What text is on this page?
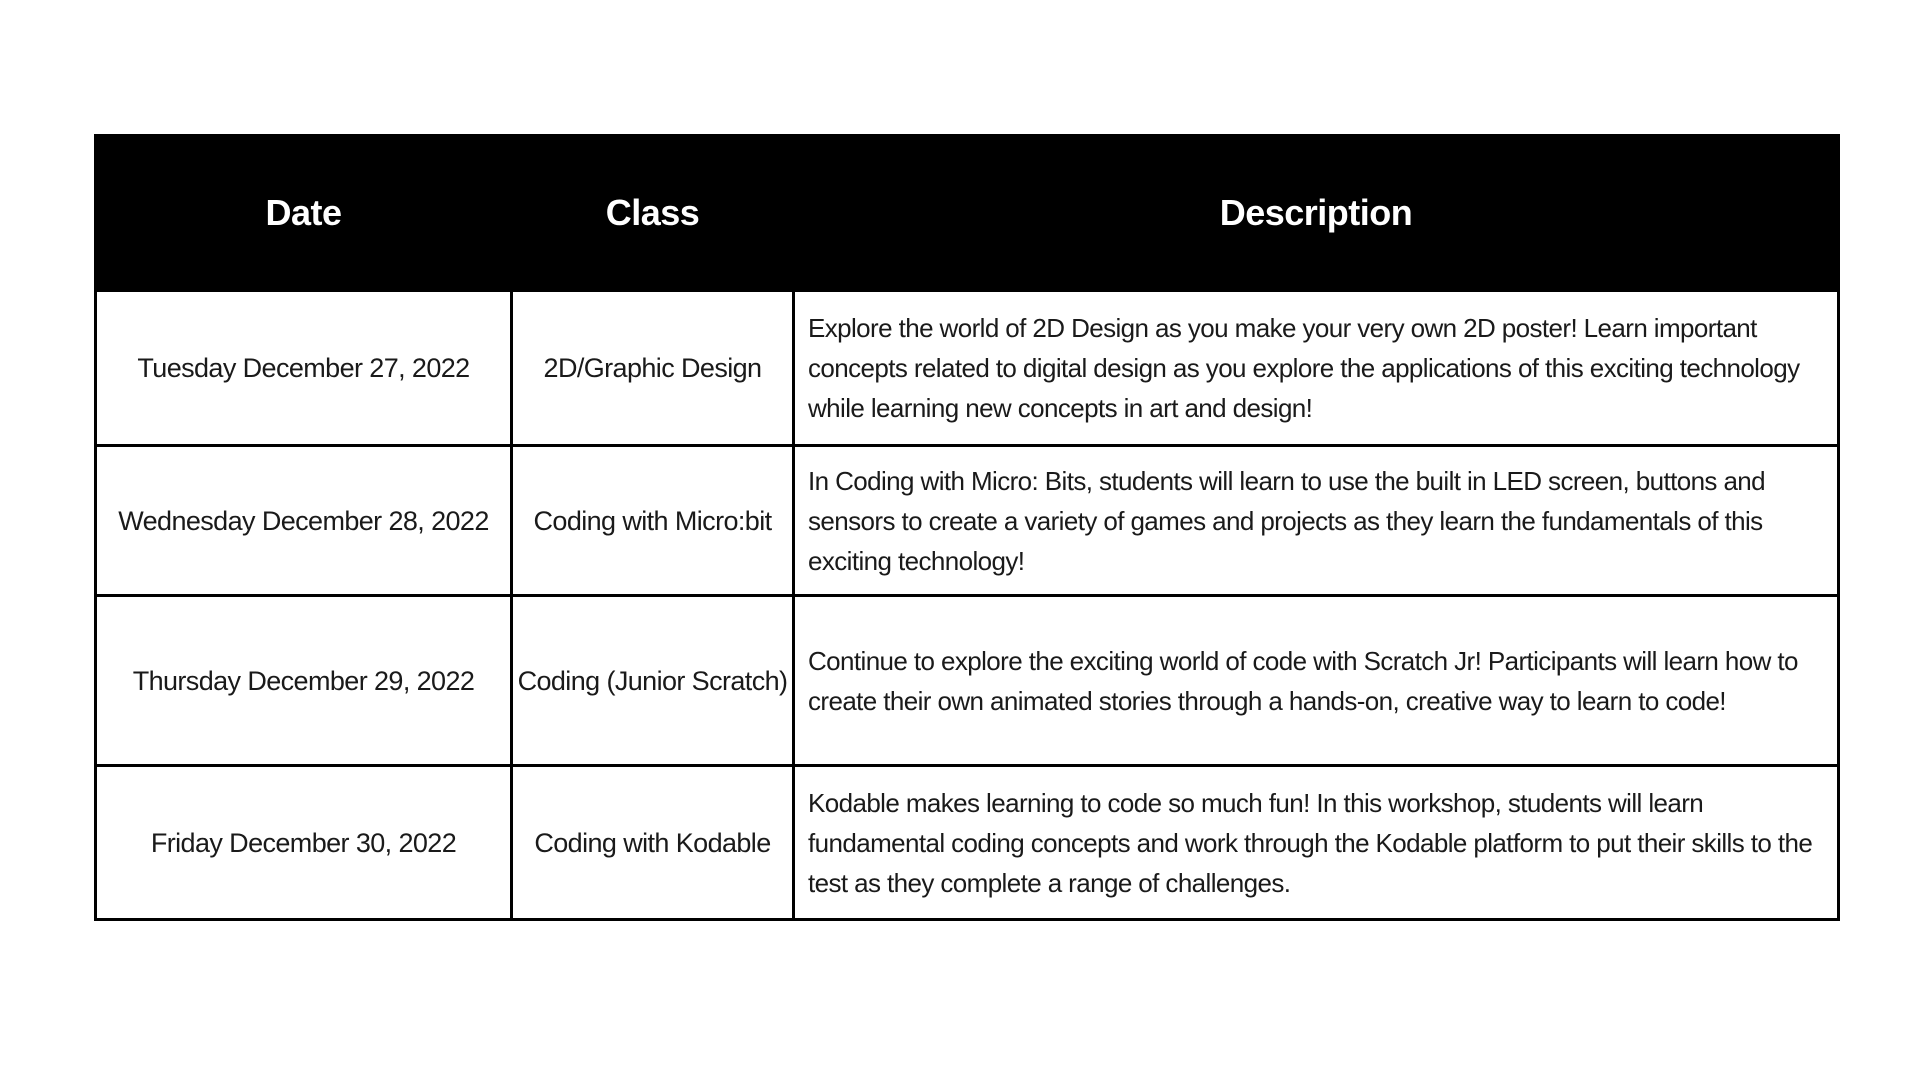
Date	Class	Description
Tuesday December 27, 2022	2D/Graphic Design	Explore the world of 2D Design as you make your very own 2D poster! Learn important concepts related to digital design as you explore the applications of this exciting technology while learning new concepts in art and design!
Wednesday December 28, 2022	Coding with Micro:bit	In Coding with Micro: Bits, students will learn to use the built in LED screen, buttons and sensors to create a variety of games and projects as they learn the fundamentals of this exciting technology!
Thursday December 29, 2022	Coding (Junior Scratch)	Continue to explore the exciting world of code with Scratch Jr! Participants will learn how to create their own animated stories through a hands-on, creative way to learn to code!
Friday December 30, 2022	Coding with Kodable	Kodable makes learning to code so much fun! In this workshop, students will learn fundamental coding concepts and work through the Kodable platform to put their skills to the test as they complete a range of challenges.
